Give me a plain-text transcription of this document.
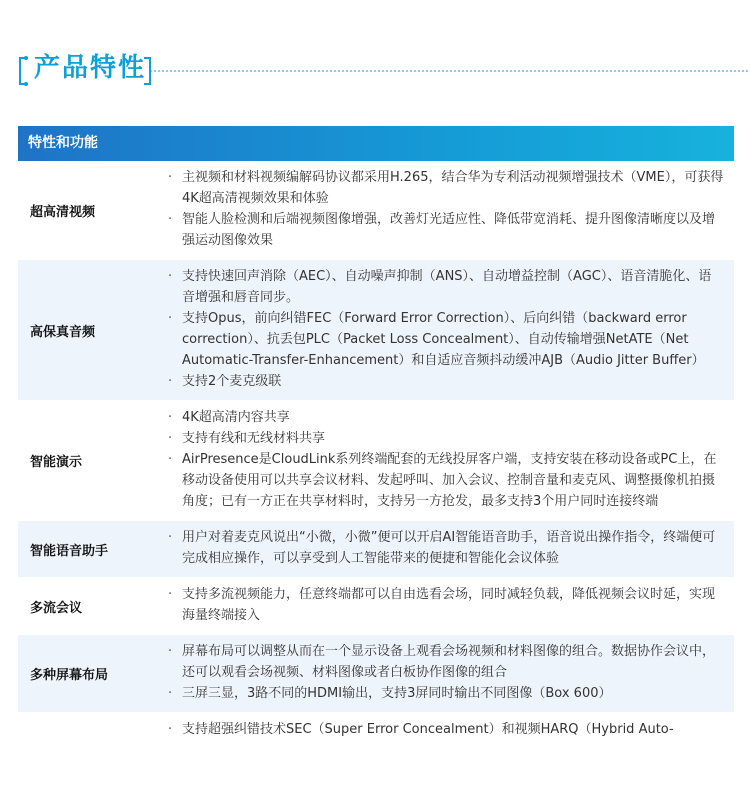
产品特性
特性和功能
超高清视频
· 主视频和材料视频编解码协议都采用H.265，结合华为专利活动视频增强技术（VME），可获得4K超高清视频效果和体验
· 智能人脸检测和后端视频图像增强，改善灯光适应性、降低带宽消耗、提升图像清晰度以及增强运动图像效果
高保真音频
· 支持快速回声消除（AEC）、自动噪声抑制（ANS）、自动增益控制（AGC）、语音清脆化、语音增强和唇音同步。
· 支持Opus，前向纠错FEC（Forward Error Correction）、后向纠错（backward error correction）、抗丢包PLC（Packet Loss Concealment）、自动传输增强NetATE（Net Automatic-Transfer-Enhancement）和自适应音频抖动缓冲AJB（Audio Jitter Buffer）
· 支持2个麦克级联
智能演示
· 4K超高清内容共享
· 支持有线和无线材料共享
· AirPresence是CloudLink系列终端配套的无线投屏客户端，支持安装在移动设备或PC上，在移动设备使用可以共享会议材料、发起呼叫、加入会议、控制音量和麦克风、调整摄像机拍摄角度；已有一方正在共享材料时，支持另一方抢发，最多支持3个用户同时连接终端
智能语音助手
· 用户对着麦克风说出“小微，小微”便可以开启AI智能语音助手，语音说出操作指令，终端便可完成相应操作，可以享受到人工智能带来的便捷和智能化会议体验
多流会议
· 支持多流视频能力，任意终端都可以自由选看会场，同时减轻负载，降低视频会议时延，实现海量终端接入
多种屏幕布局
· 屏幕布局可以调整从而在一个显示设备上观看会场视频和材料图像的组合。数据协作会议中，还可以观看会场视频、材料图像或者白板协作图像的组合
· 三屏三显，3路不同的HDMI输出，支持3屏同时输出不同图像（Box 600）
· 支持超强纠错技术SEC（Super Error Concealment）和视频HARQ（Hybrid Auto-
